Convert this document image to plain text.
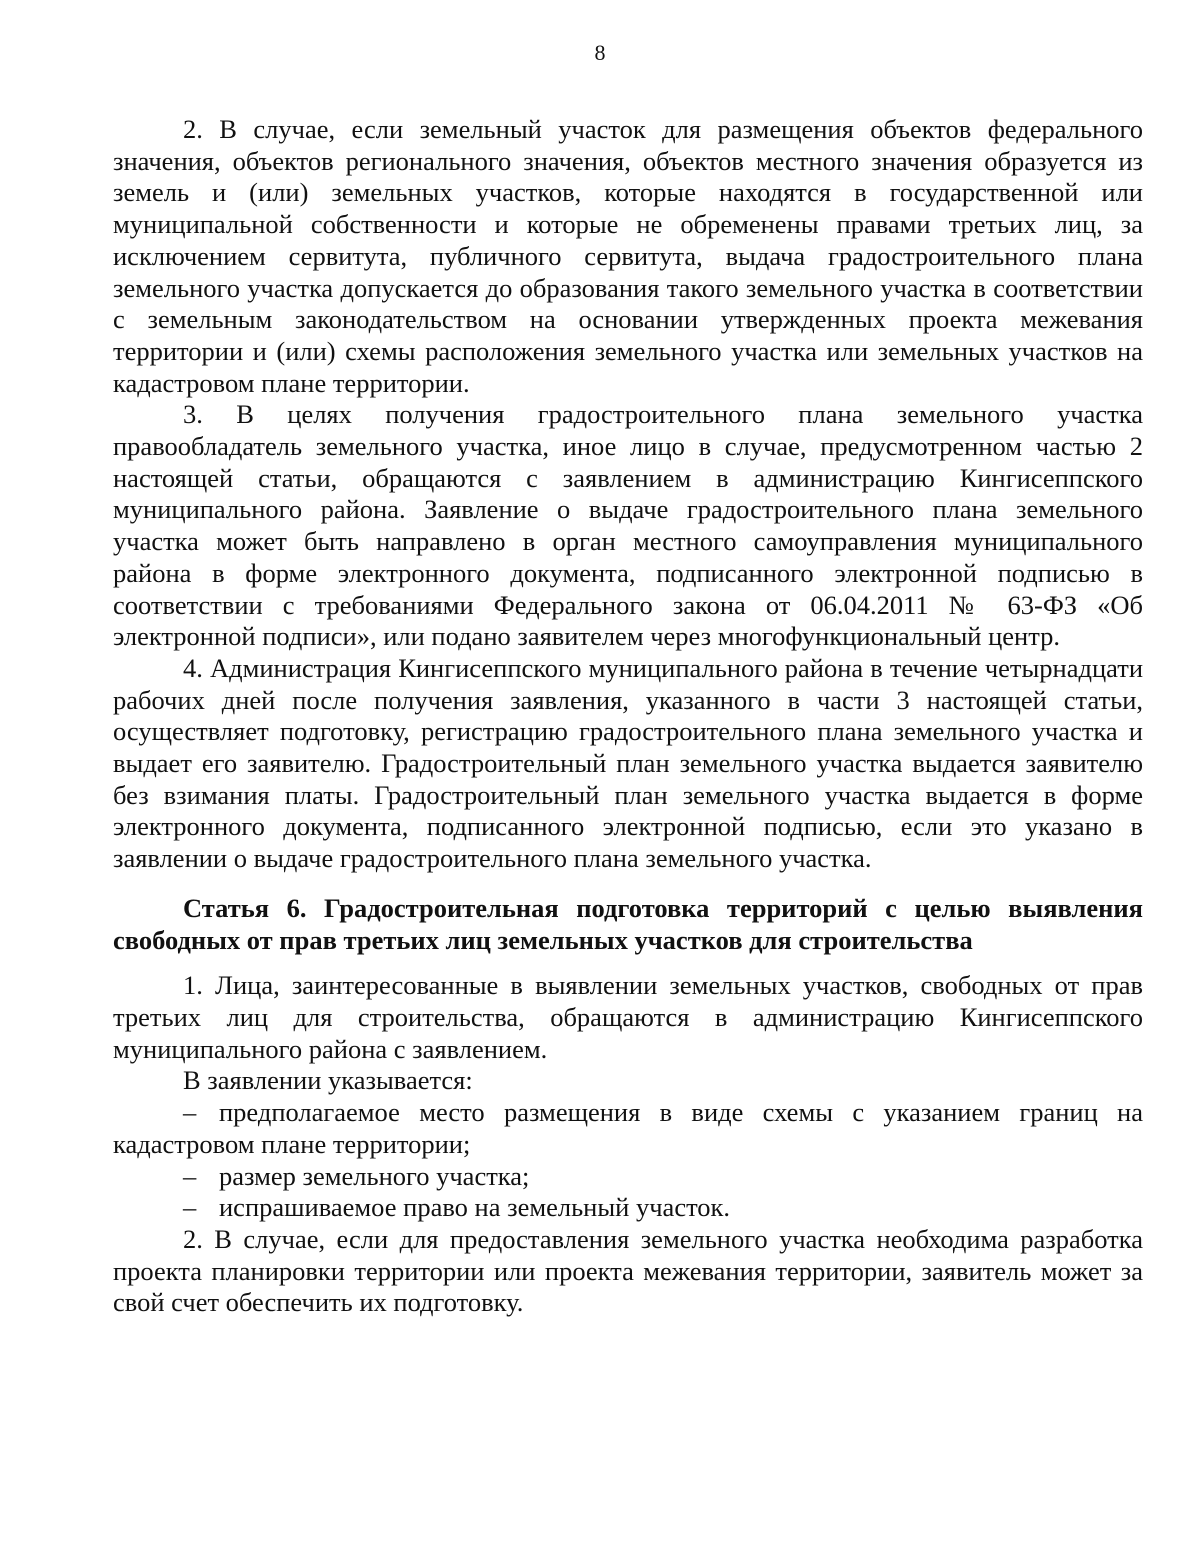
8

2. В случае, если земельный участок для размещения объектов федерального значения, объектов регионального значения, объектов местного значения образуется из земель и (или) земельных участков, которые находятся в государственной или муниципальной собственности и которые не обременены правами третьих лиц, за исключением сервитута, публичного сервитута, выдача градостроительного плана земельного участка допускается до образования такого земельного участка в соответствии с земельным законодательством на основании утвержденных проекта межевания территории и (или) схемы расположения земельного участка или земельных участков на кадастровом плане территории.

3. В целях получения градостроительного плана земельного участка правообладатель земельного участка, иное лицо в случае, предусмотренном частью 2 настоящей статьи, обращаются с заявлением в администрацию Кингисеппского муниципального района. Заявление о выдаче градостроительного плана земельного участка может быть направлено в орган местного самоуправления муниципального района в форме электронного документа, подписанного электронной подписью в соответствии с требованиями Федерального закона от 06.04.2011 № 63-ФЗ «Об электронной подписи», или подано заявителем через многофункциональный центр.

4. Администрация Кингисеппского муниципального района в течение четырнадцати рабочих дней после получения заявления, указанного в части 3 настоящей статьи, осуществляет подготовку, регистрацию градостроительного плана земельного участка и выдает его заявителю. Градостроительный план земельного участка выдается заявителю без взимания платы. Градостроительный план земельного участка выдается в форме электронного документа, подписанного электронной подписью, если это указано в заявлении о выдаче градостроительного плана земельного участка.

Статья 6. Градостроительная подготовка территорий с целью выявления свободных от прав третьих лиц земельных участков для строительства

1. Лица, заинтересованные в выявлении земельных участков, свободных от прав третьих лиц для строительства, обращаются в администрацию Кингисеппского муниципального района с заявлением.

В заявлении указывается:

– предполагаемое место размещения в виде схемы с указанием границ на кадастровом плане территории;

– размер земельного участка;

– испрашиваемое право на земельный участок.

2. В случае, если для предоставления земельного участка необходима разработка проекта планировки территории или проекта межевания территории, заявитель может за свой счет обеспечить их подготовку.
